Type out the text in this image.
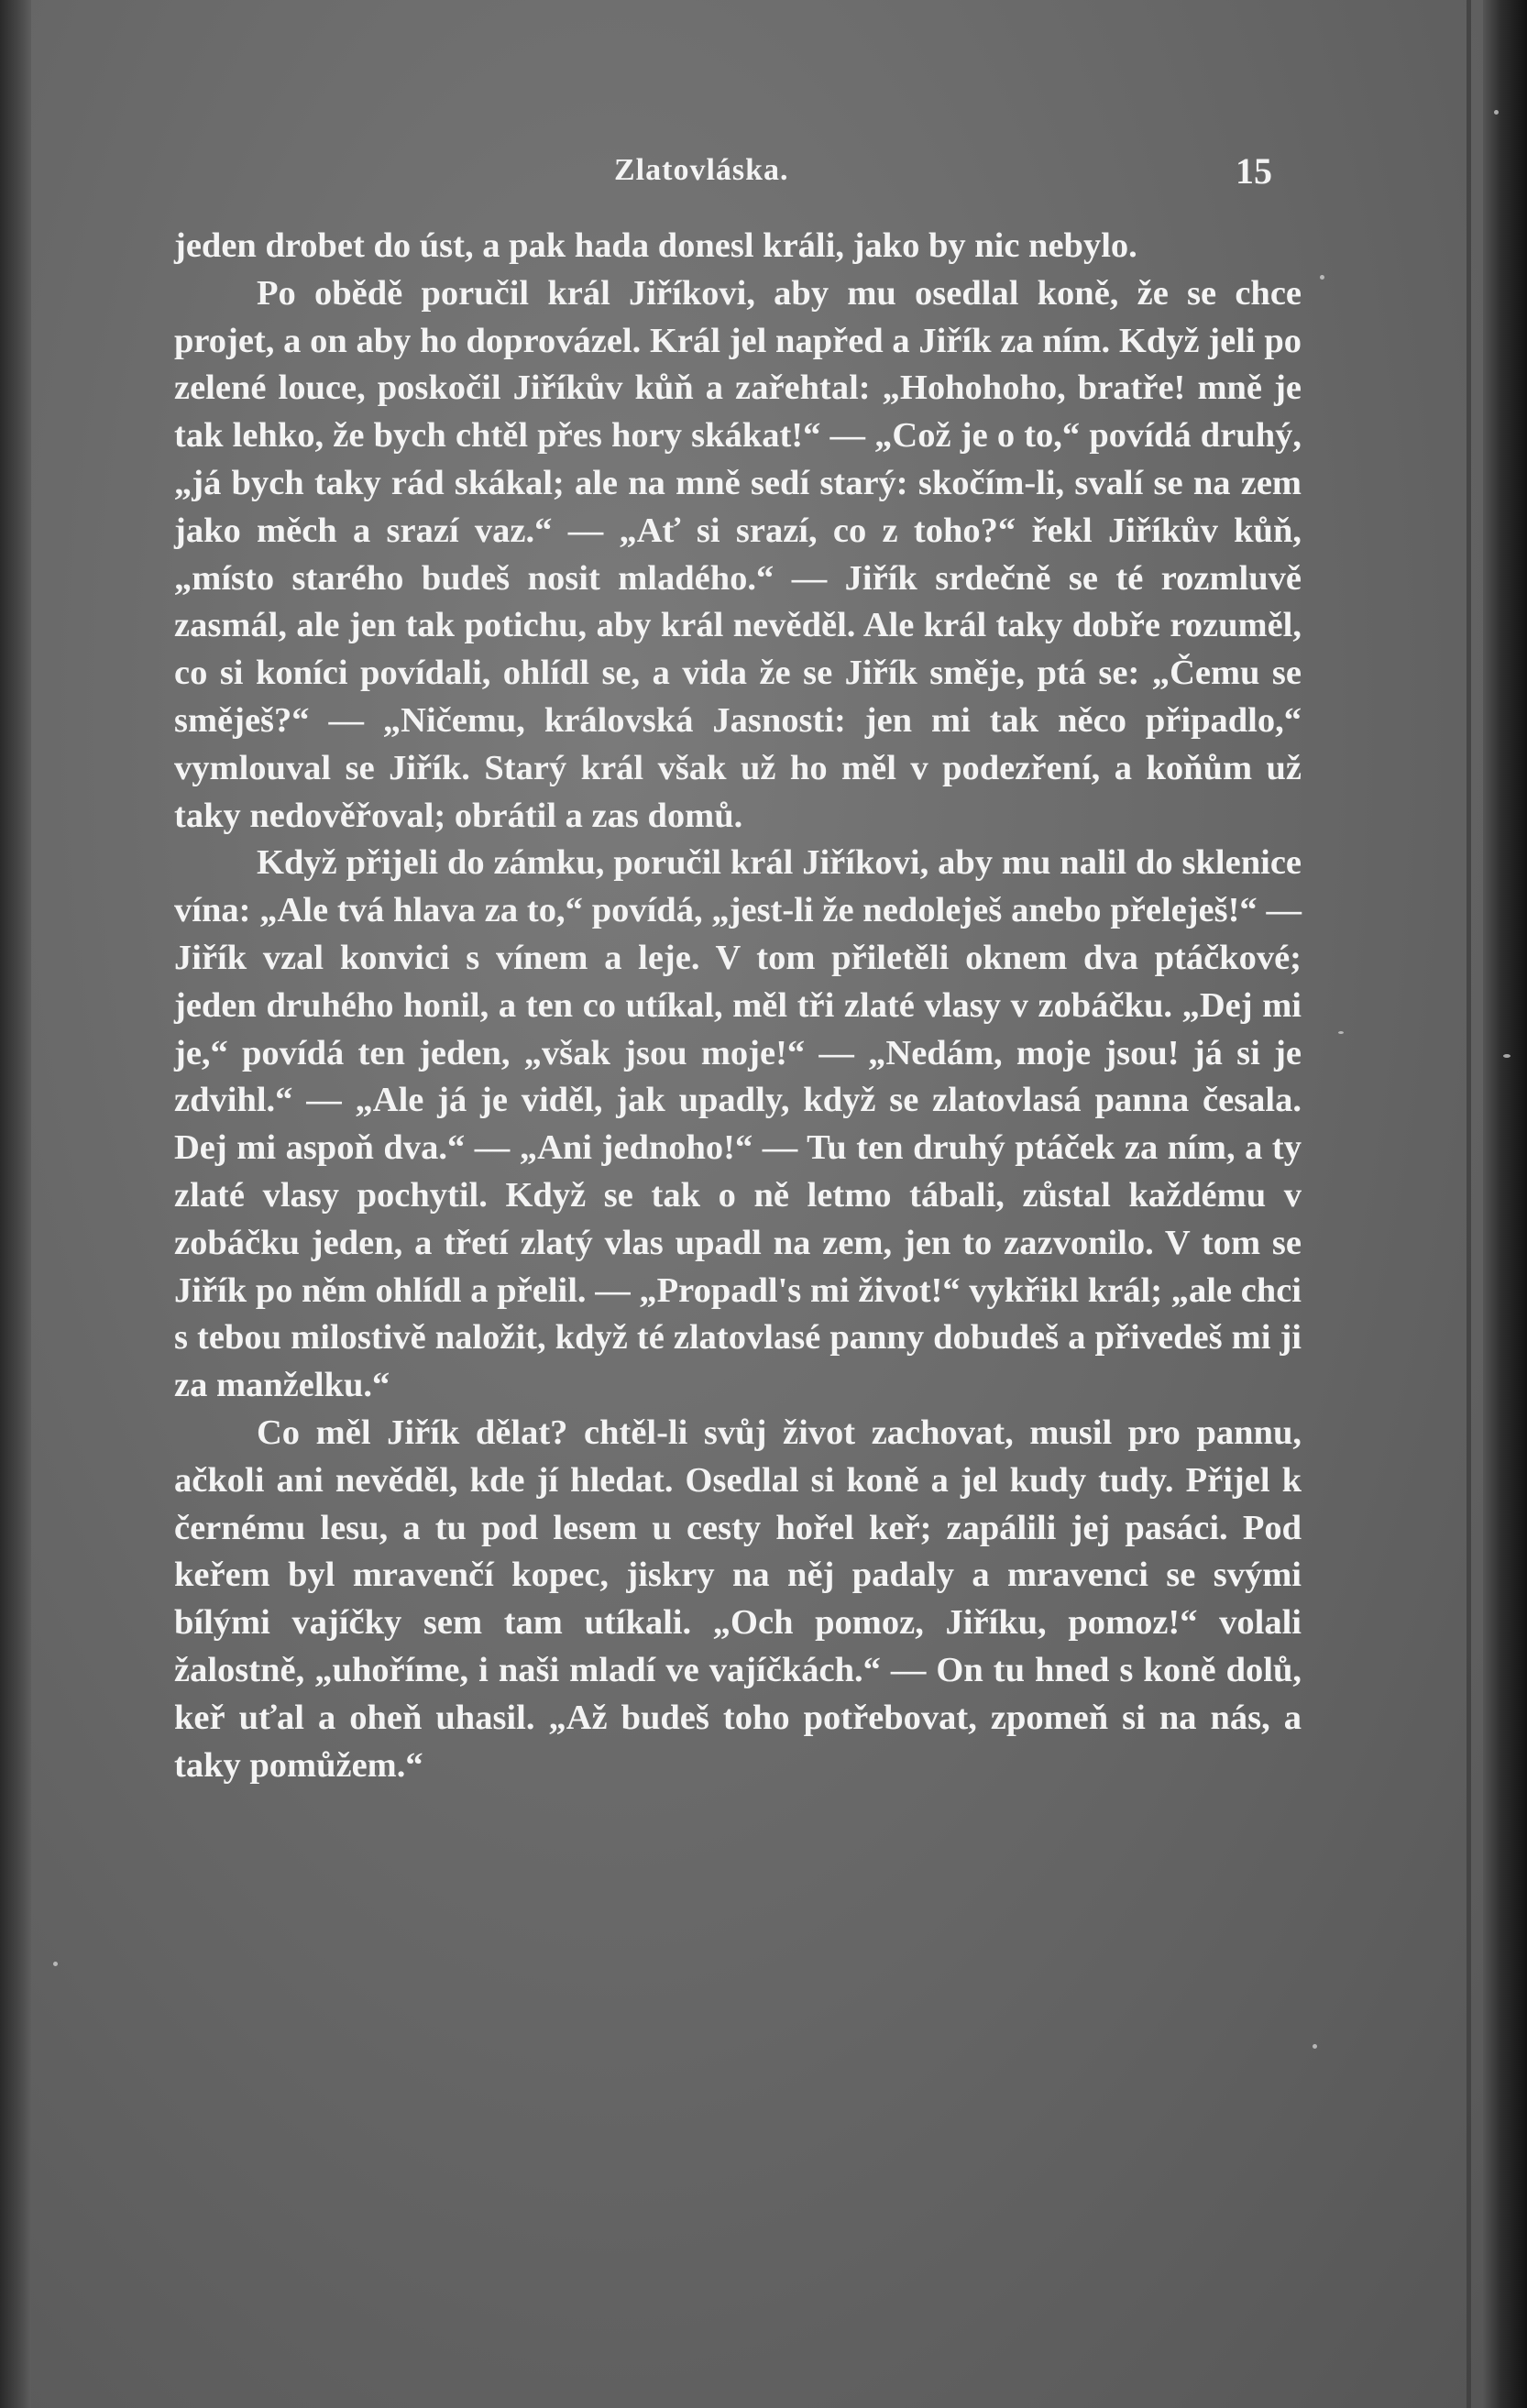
Zlatovláska.	15

jeden drobet do úst, a pak hada donesl králi, jako by nic nebylo.

Po obědě poručil král Jiříkovi, aby mu osedlal koně, že se chce projet, a on aby ho doprovázel. Král jel napřed a Jiřík za ním. Když jeli po zelené louce, poskočil Jiříkův kůň a zařehtal: „Hohohoho, bratře! mně je tak lehko, že bych chtěl přes hory skákat!“ — „Což je o to,“ povídá druhý, „já bych taky rád skákal; ale na mně sedí starý: skočím-li, svalí se na zem jako měch a srazí vaz.“ — „Ať si srazí, co z toho?“ řekl Jiříkův kůň, „místo starého budeš nosit mladého.“ — Jiřík srdečně se té rozmluvě zasmál, ale jen tak potichu, aby král nevěděl. Ale král taky dobře rozuměl, co si koníci povídali, ohlídl se, a vida že se Jiřík směje, ptá se: „Čemu se směješ?“ — „Ničemu, královská Jasnosti: jen mi tak něco připadlo,“ vymlouval se Jiřík. Starý král však už ho měl v podezření, a koňům už taky nedověřoval; obrátil a zas domů.

Když přijeli do zámku, poručil král Jiříkovi, aby mu nalil do sklenice vína: „Ale tvá hlava za to,“ povídá, „jest-li že nedoleješ anebo přeleješ!“ — Jiřík vzal konvici s vínem a leje. V tom přiletěli oknem dva ptáčkové; jeden druhého honil, a ten co utíkal, měl tři zlaté vlasy v zobáčku. „Dej mi je,“ povídá ten jeden, „však jsou moje!“ — „Nedám, moje jsou! já si je zdvihl.“ — „Ale já je viděl, jak upadly, když se zlatovlasá panna česala. Dej mi aspoň dva.“ — „Ani jednoho!“ — Tu ten druhý ptáček za ním, a ty zlaté vlasy pochytil. Když se tak o ně letmo tábali, zůstal každému v zobáčku jeden, a třetí zlatý vlas upadl na zem, jen to zazvonilo. V tom se Jiřík po něm ohlídl a přelil. — „Propadl's mi život!“ vykřikl král; „ale chci s tebou milostivě naložit, když té zlatovlasé panny dobudeš a přivedeš mi ji za manželku.“

Co měl Jiřík dělat? chtěl-li svůj život zachovat, musil pro pannu, ačkoli ani nevěděl, kde jí hledat. Osedlal si koně a jel kudy tudy. Přijel k černému lesu, a tu pod lesem u cesty hořel keř; zapálili jej pasáci. Pod keřem byl mravenčí kopec, jiskry na něj padaly a mravenci se svými bílými vajíčky sem tam utíkali. „Och pomoz, Jiříku, pomoz!“ volali žalostně, „uhoříme, i naši mladí ve vajíčkách.“ — On tu hned s koně dolů, keř uťal a oheň uhasil. „Až budeš toho potřebovat, zpomeň si na nás, a taky pomůžem.“
